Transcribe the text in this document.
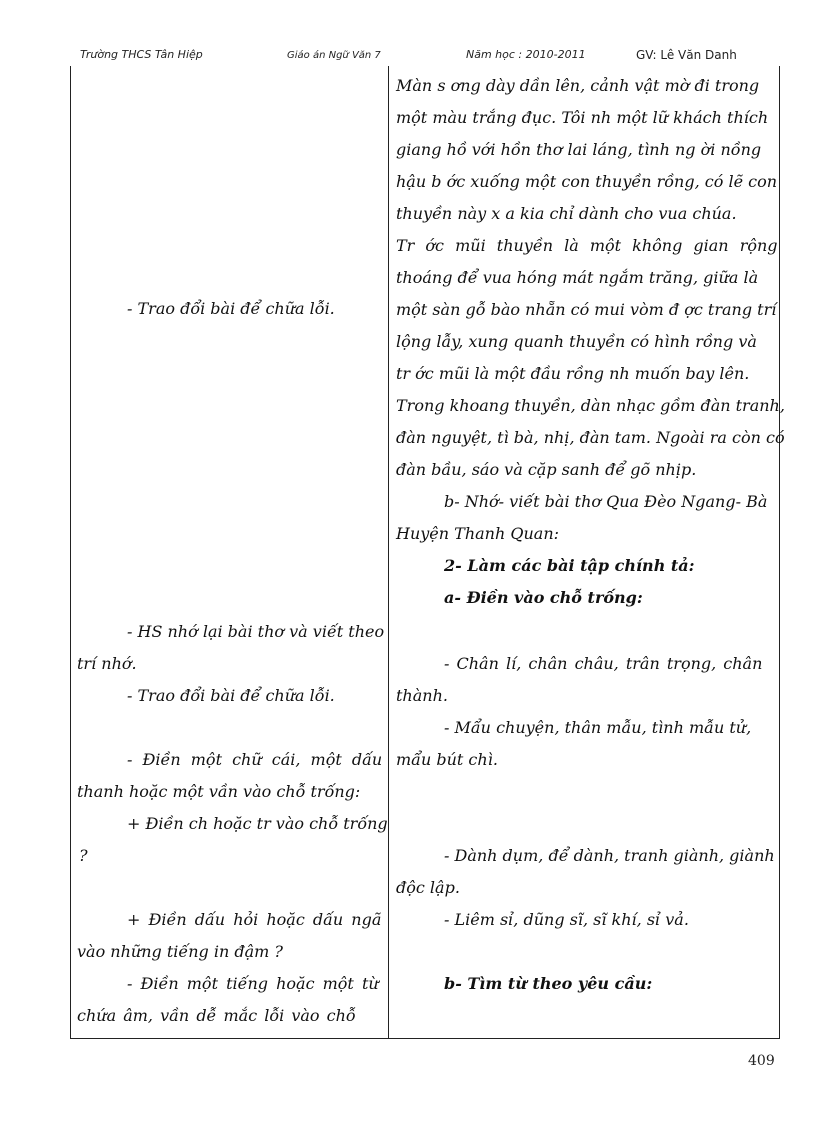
Trường THCS Tân Hiệp	Giáo án Ngữ Văn 7	Năm học : 2010-2011	GV: Lê Văn Danh
- Trao đổi bài để chữa lỗi.
- HS nhớ lại bài thơ và viết theo
trí nhớ.
- Trao đổi bài để chữa lỗi.
- Điền một chữ cái, một dấu
thanh hoặc một vần vào chỗ trống:
+ Điền ch hoặc tr vào chỗ trống
?
+ Điền dấu hỏi hoặc dấu ngã
vào những tiếng in đậm ?
- Điền một tiếng hoặc một từ
chứa âm, vần dễ mắc lỗi vào chỗ
Màn s ơng dày dần lên, cảnh vật mờ đi trong
một màu trắng đục. Tôi nh một lữ khách thích
giang hồ với hồn thơ lai láng, tình ng ời nồng
hậu b ớc xuống một con thuyền rồng, có lẽ con
thuyền này x a kia chỉ dành cho vua chúa.
Tr ớc mũi thuyền là một không gian rộng
thoáng để vua hóng mát ngắm trăng, giữa là
một sàn gỗ bào nhẵn có mui vòm đ ợc trang trí
lộng lẫy, xung quanh thuyền có hình rồng và
tr ớc mũi là một đầu rồng nh muốn bay lên.
Trong khoang thuyền, dàn nhạc gồm đàn tranh,
đàn nguyệt, tì bà, nhị, đàn tam. Ngoài ra còn có
đàn bầu, sáo và cặp sanh để gõ nhịp.
b- Nhớ- viết bài thơ Qua Đèo Ngang- Bà
Huyện Thanh Quan:
2- Làm các bài tập chính tả:
a- Điền vào chỗ trống:
- Chân lí, chân châu, trân trọng, chân
thành.
- Mẩu chuyện, thân mẫu, tình mẫu tử,
mẩu bút chì.
- Dành dụm, để dành, tranh giành, giành
độc lập.
- Liêm sỉ, dũng sĩ, sĩ khí, sỉ vả.
b- Tìm từ theo yêu cầu:
409
